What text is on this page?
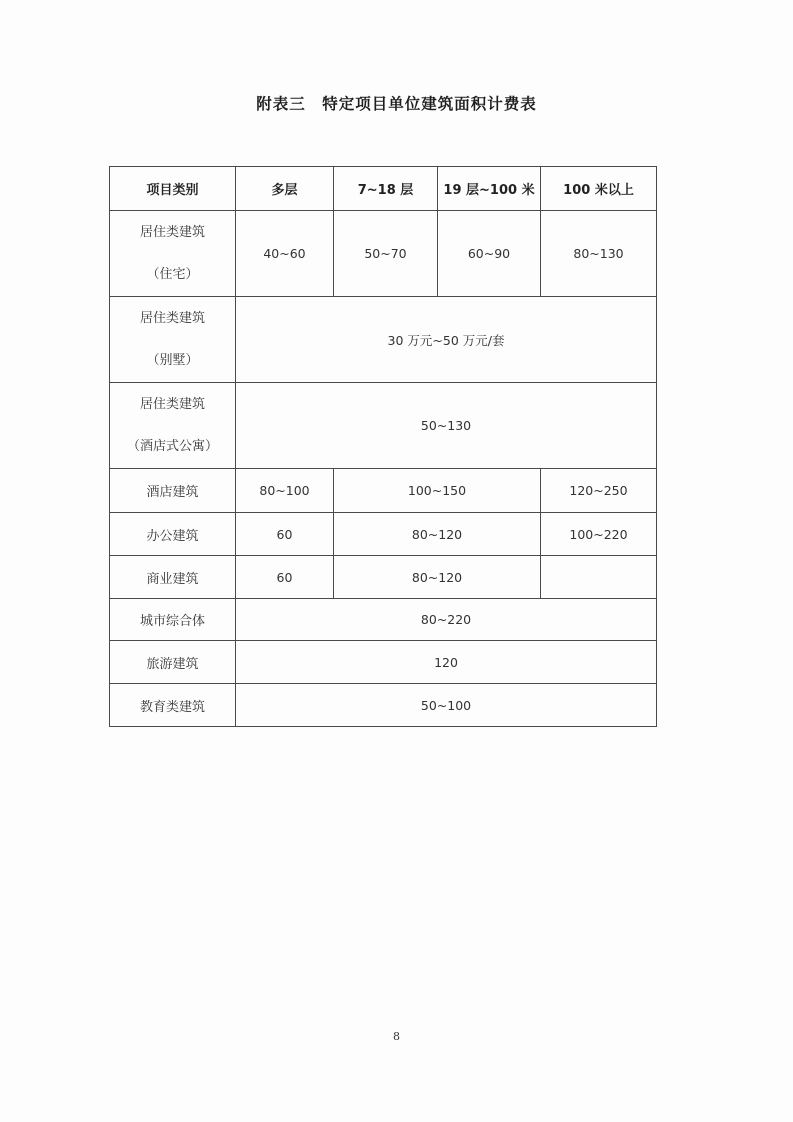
附表三　特定项目单位建筑面积计费表
项目类别	多层	7~18 层	19 层~100 米	100 米以上

居住类建筑
（住宅）	40~60	50~70	60~90	80~130

居住类建筑
（别墅）	30 万元~50 万元/套			

居住类建筑
（酒店式公寓）	50~130			
酒店建筑	80~100	100~150		120~250
办公建筑	60	80~120		100~220
商业建筑	60	80~120		
城市综合体	80~220			
旅游建筑	120			
教育类建筑	50~100			
8
